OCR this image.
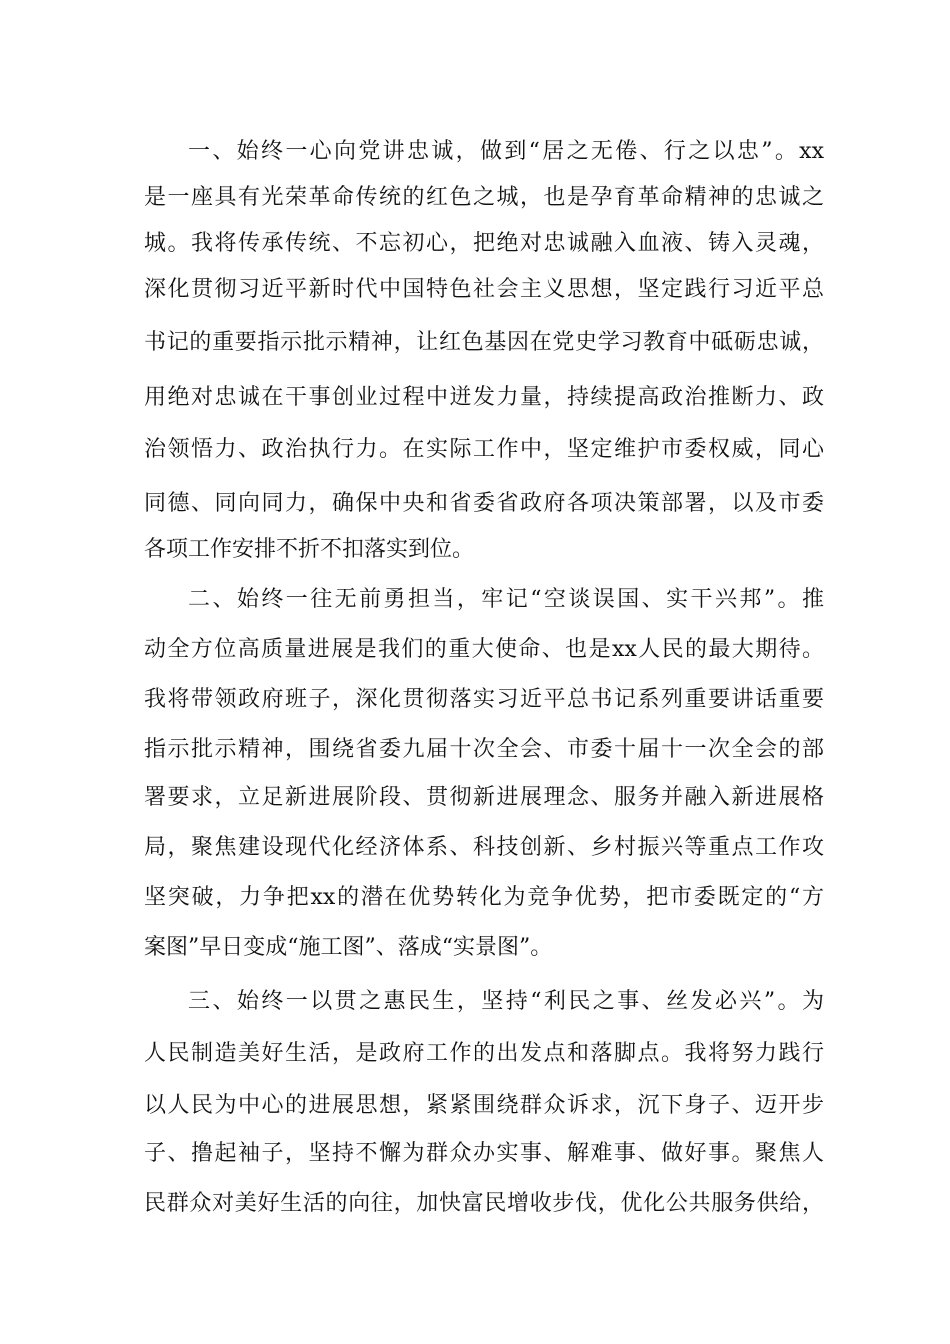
一、始终一心向党讲忠诚，做到“居之无倦、行之以忠”。xx
是一座具有光荣革命传统的红色之城，也是孕育革命精神的忠诚之
城。我将传承传统、不忘初心，把绝对忠诚融入血液、铸入灵魂，
深化贯彻习近平新时代中国特色社会主义思想，坚定践行习近平总
书记的重要指示批示精神，让红色基因在党史学习教育中砥砺忠诚，
用绝对忠诚在干事创业过程中迸发力量，持续提高政治推断力、政
治领悟力、政治执行力。在实际工作中，坚定维护市委权威，同心
同德、同向同力，确保中央和省委省政府各项决策部署，以及市委
各项工作安排不折不扣落实到位。
二、始终一往无前勇担当，牢记“空谈误国、实干兴邦”。推
动全方位高质量进展是我们的重大使命、也是xx人民的最大期待。
我将带领政府班子，深化贯彻落实习近平总书记系列重要讲话重要
指示批示精神，围绕省委九届十次全会、市委十届十一次全会的部
署要求，立足新进展阶段、贯彻新进展理念、服务并融入新进展格
局，聚焦建设现代化经济体系、科技创新、乡村振兴等重点工作攻
坚突破，力争把xx的潜在优势转化为竞争优势，把市委既定的“方
案图”早日变成“施工图”、落成“实景图”。
三、始终一以贯之惠民生，坚持“利民之事、丝发必兴”。为
人民制造美好生活，是政府工作的出发点和落脚点。我将努力践行
以人民为中心的进展思想，紧紧围绕群众诉求，沉下身子、迈开步
子、撸起袖子，坚持不懈为群众办实事、解难事、做好事。聚焦人
民群众对美好生活的向往，加快富民增收步伐，优化公共服务供给，
